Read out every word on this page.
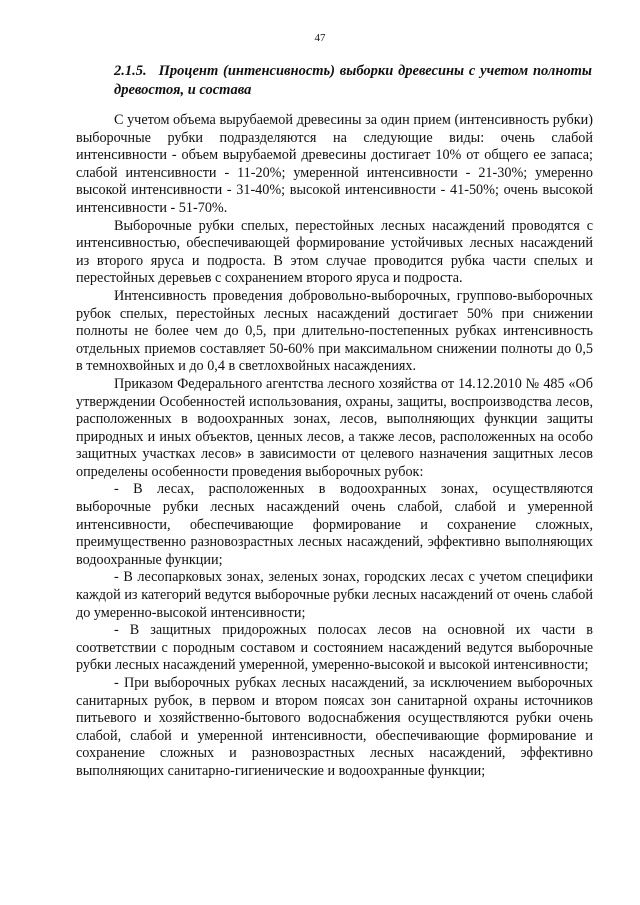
47
2.1.5. Процент (интенсивность) выборки древесины с учетом полноты древостоя, и состава

С учетом объема вырубаемой древесины за один прием (интенсивность рубки) выборочные рубки подразделяются на следующие виды: очень слабой интенсивности - объем вырубаемой древесины достигает 10% от общего ее запаса; слабой интенсивности - 11-20%; умеренной интенсивности - 21-30%; умеренно высокой интенсивности - 31-40%; высокой интенсивности - 41-50%; очень высокой интенсивности - 51-70%.

Выборочные рубки спелых, перестойных лесных насаждений проводятся с интенсивностью, обеспечивающей формирование устойчивых лесных насаждений из второго яруса и подроста. В этом случае проводится рубка части спелых и перестойных деревьев с сохранением второго яруса и подроста.

Интенсивность проведения добровольно-выборочных, группово-выборочных рубок спелых, перестойных лесных насаждений достигает 50% при снижении полноты не более чем до 0,5, при длительно-постепенных рубках интенсивность отдельных приемов составляет 50-60% при максимальном снижении полноты до 0,5 в темнохвойных и до 0,4 в светлохвойных насаждениях.

Приказом Федерального агентства лесного хозяйства от 14.12.2010 № 485 «Об утверждении Особенностей использования, охраны, защиты, воспроизводства лесов, расположенных в водоохранных зонах, лесов, выполняющих функции защиты природных и иных объектов, ценных лесов, а также лесов, расположенных на особо защитных участках лесов» в зависимости от целевого назначения защитных лесов определены особенности проведения выборочных рубок:

- В лесах, расположенных в водоохранных зонах, осуществляются выборочные рубки лесных насаждений очень слабой, слабой и умеренной интенсивности, обеспечивающие формирование и сохранение сложных, преимущественно разновозрастных лесных насаждений, эффективно выполняющих водоохранные функции;

- В лесопарковых зонах, зеленых зонах, городских лесах с учетом специфики каждой из категорий ведутся выборочные рубки лесных насаждений от очень слабой до умеренно-высокой интенсивности;

- В защитных придорожных полосах лесов на основной их части в соответствии с породным составом и состоянием насаждений ведутся выборочные рубки лесных насаждений умеренной, умеренно-высокой и высокой интенсивности;

- При выборочных рубках лесных насаждений, за исключением выборочных санитарных рубок, в первом и втором поясах зон санитарной охраны источников питьевого и хозяйственно-бытового водоснабжения осуществляются рубки очень слабой, слабой и умеренной интенсивности, обеспечивающие формирование и сохранение сложных и разновозрастных лесных насаждений, эффективно выполняющих санитарно-гигиенические и водоохранные функции;
